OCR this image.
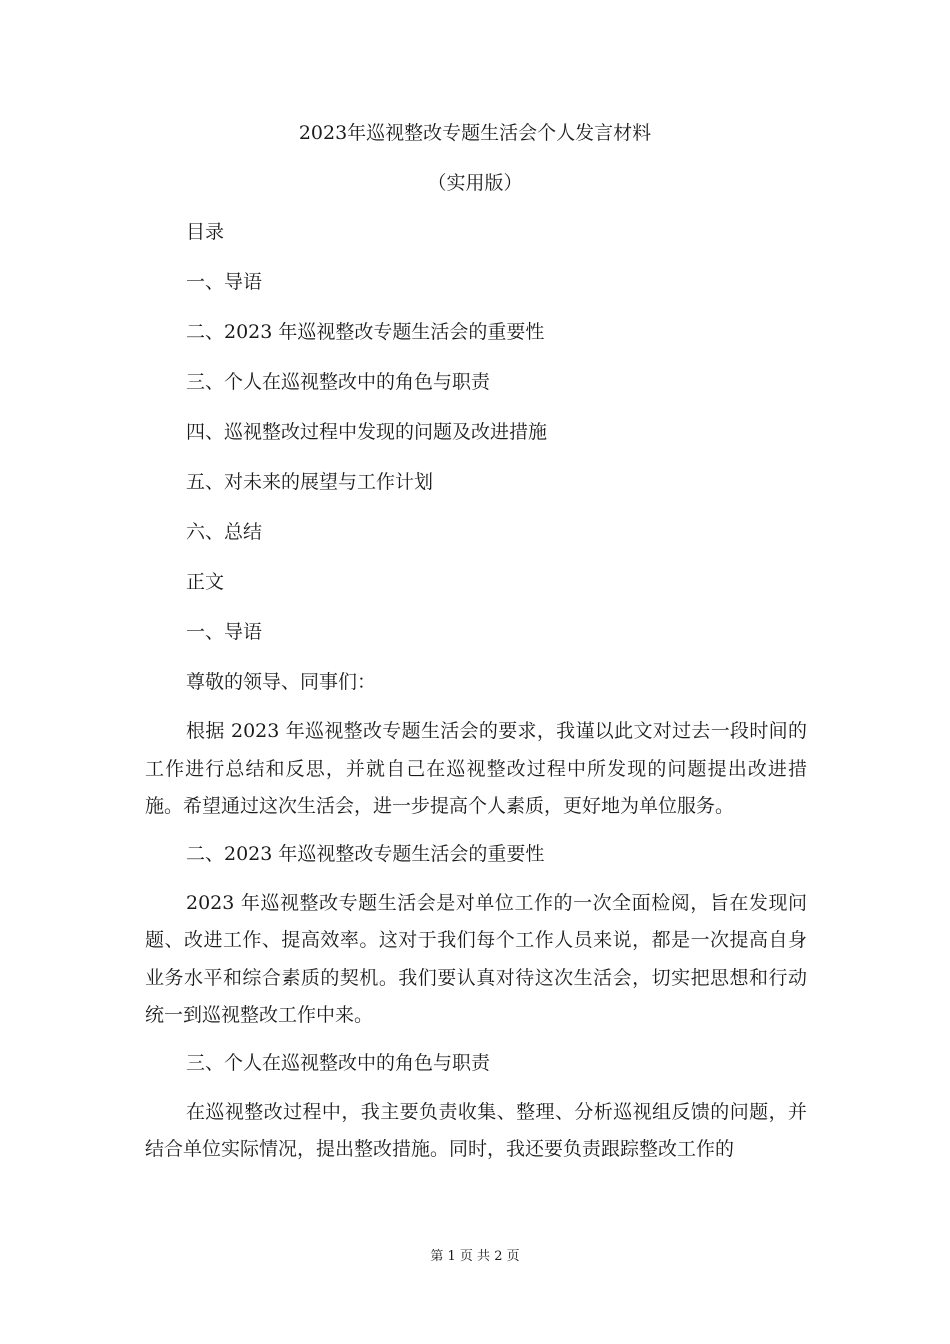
2023年巡视整改专题生活会个人发言材料
（实用版）
目录
一、导语
二、2023 年巡视整改专题生活会的重要性
三、个人在巡视整改中的角色与职责
四、巡视整改过程中发现的问题及改进措施
五、对未来的展望与工作计划
六、总结

正文

一、导语

尊敬的领导、同事们：

根据 2023 年巡视整改专题生活会的要求，我谨以此文对过去一段时间的工作进行总结和反思，并就自己在巡视整改过程中所发现的问题提出改进措施。希望通过这次生活会，进一步提高个人素质，更好地为单位服务。

二、2023 年巡视整改专题生活会的重要性

2023 年巡视整改专题生活会是对单位工作的一次全面检阅，旨在发现问题、改进工作、提高效率。这对于我们每个工作人员来说，都是一次提高自身业务水平和综合素质的契机。我们要认真对待这次生活会，切实把思想和行动统一到巡视整改工作中来。

三、个人在巡视整改中的角色与职责

在巡视整改过程中，我主要负责收集、整理、分析巡视组反馈的问题，并结合单位实际情况，提出整改措施。同时，我还要负责跟踪整改工作的

第 1 页 共 2 页
